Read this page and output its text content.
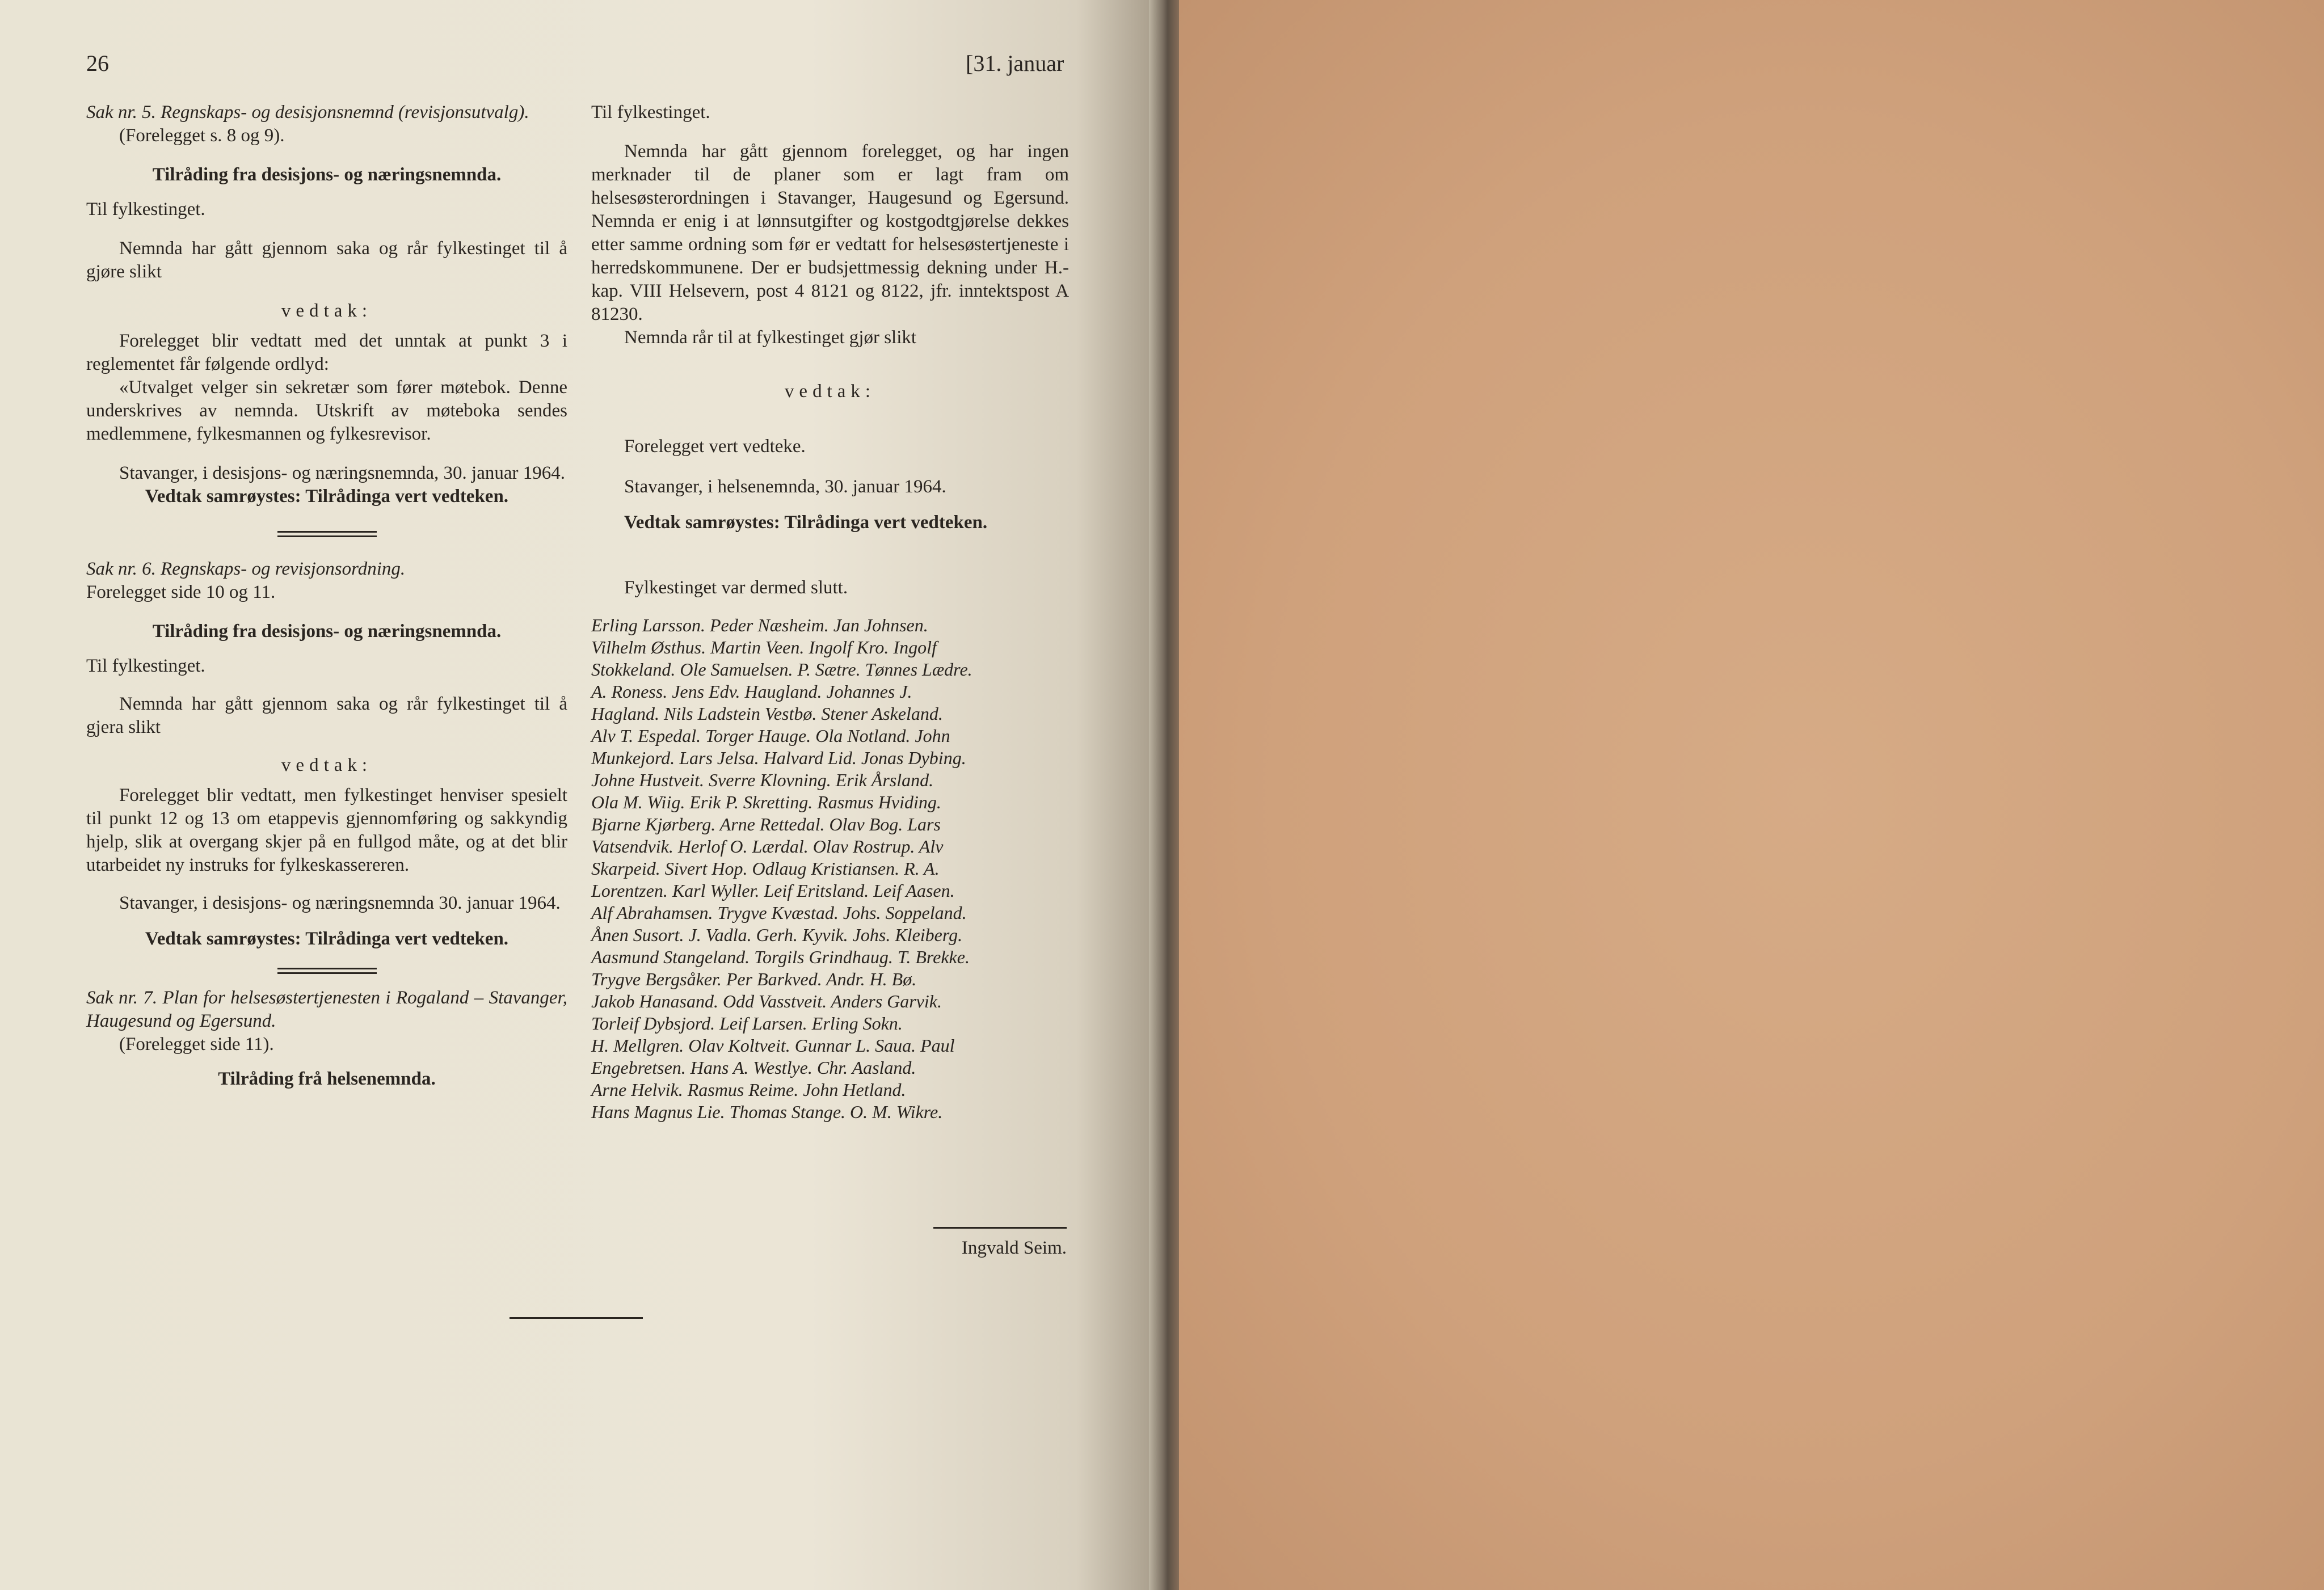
26	[31. januar

Sak nr. 5. Regnskaps- og desisjonsnemnd (revisjonsutvalg).

(Forelegget s. 8 og 9).

Tilråding fra desisjons- og næringsnemnda.

Til fylkestinget.

Nemnda har gått gjennom saka og rår fylkestinget til å gjøre slikt

vedtak:

Forelegget blir vedtatt med det unntak at punkt 3 i reglementet får følgende ordlyd:

«Utvalget velger sin sekretær som fører møtebok. Denne underskrives av nemnda. Utskrift av møteboka sendes medlemmene, fylkesmannen og fylkesrevisor.

Stavanger, i desisjons- og næringsnemnda, 30. januar 1964.

Vedtak samrøystes: Tilrådinga vert vedteken.

Sak nr. 6. Regnskaps- og revisjonsordning.

Forelegget side 10 og 11.

Tilråding fra desisjons- og næringsnemnda.

Til fylkestinget.

Nemnda har gått gjennom saka og rår fylkestinget til å gjera slikt

vedtak:

Forelegget blir vedtatt, men fylkestinget henviser spesielt til punkt 12 og 13 om etappevis gjennomføring og sakkyndig hjelp, slik at overgang skjer på en fullgod måte, og at det blir utarbeidet ny instruks for fylkeskassereren.

Stavanger, i desisjons- og næringsnemnda 30. januar 1964.

Vedtak samrøystes: Tilrådinga vert vedteken.

Sak nr. 7. Plan for helsesøstertjenesten i Rogaland – Stavanger, Haugesund og Egersund.

(Forelegget side 11).

Tilråding frå helsenemnda.

Til fylkestinget.

Nemnda har gått gjennom forelegget, og har ingen merknader til de planer som er lagt fram om helsesøsterordningen i Stavanger, Haugesund og Egersund. Nemnda er enig i at lønnsutgifter og kostgodtgjørelse dekkes etter samme ordning som før er vedtatt for helsesøstertjeneste i herredskommunene. Der er budsjettmessig dekning under H.-kap. VIII Helsevern, post 4 8121 og 8122, jfr. inntektspost A 81230.

Nemnda rår til at fylkestinget gjør slikt

vedtak:

Forelegget vert vedteke.

Stavanger, i helsenemnda, 30. januar 1964.

Vedtak samrøystes: Tilrådinga vert vedteken.

Fylkestinget var dermed slutt.

Erling Larsson. Peder Næsheim. Jan Johnsen.

Vilhelm Østhus. Martin Veen. Ingolf Kro. Ingolf

Stokkeland. Ole Samuelsen. P. Sætre. Tønnes Lædre.

A. Roness. Jens Edv. Haugland. Johannes J.

Hagland. Nils Ladstein Vestbø. Stener Askeland.

Alv T. Espedal. Torger Hauge. Ola Notland. John

Munkejord. Lars Jelsa. Halvard Lid. Jonas Dybing.

Johne Hustveit. Sverre Klovning. Erik Årsland.

Ola M. Wiig. Erik P. Skretting. Rasmus Hviding.

Bjarne Kjørberg. Arne Rettedal. Olav Bog. Lars

Vatsendvik. Herlof O. Lærdal. Olav Rostrup. Alv

Skarpeid. Sivert Hop. Odlaug Kristiansen. R. A.

Lorentzen. Karl Wyller. Leif Eritsland. Leif Aasen.

Alf Abrahamsen. Trygve Kvæstad. Johs. Soppeland.

Ånen Susort. J. Vadla. Gerh. Kyvik. Johs. Kleiberg.

Aasmund Stangeland. Torgils Grindhaug. T. Brekke.

Trygve Bergsåker. Per Barkved. Andr. H. Bø.

Jakob Hanasand. Odd Vasstveit. Anders Garvik.

Torleif Dybsjord. Leif Larsen. Erling Sokn.

H. Mellgren. Olav Koltveit. Gunnar L. Saua. Paul

Engebretsen. Hans A. Westlye. Chr. Aasland.

Arne Helvik. Rasmus Reime. John Hetland.

Hans Magnus Lie. Thomas Stange. O. M. Wikre.

Ingvald Seim.
